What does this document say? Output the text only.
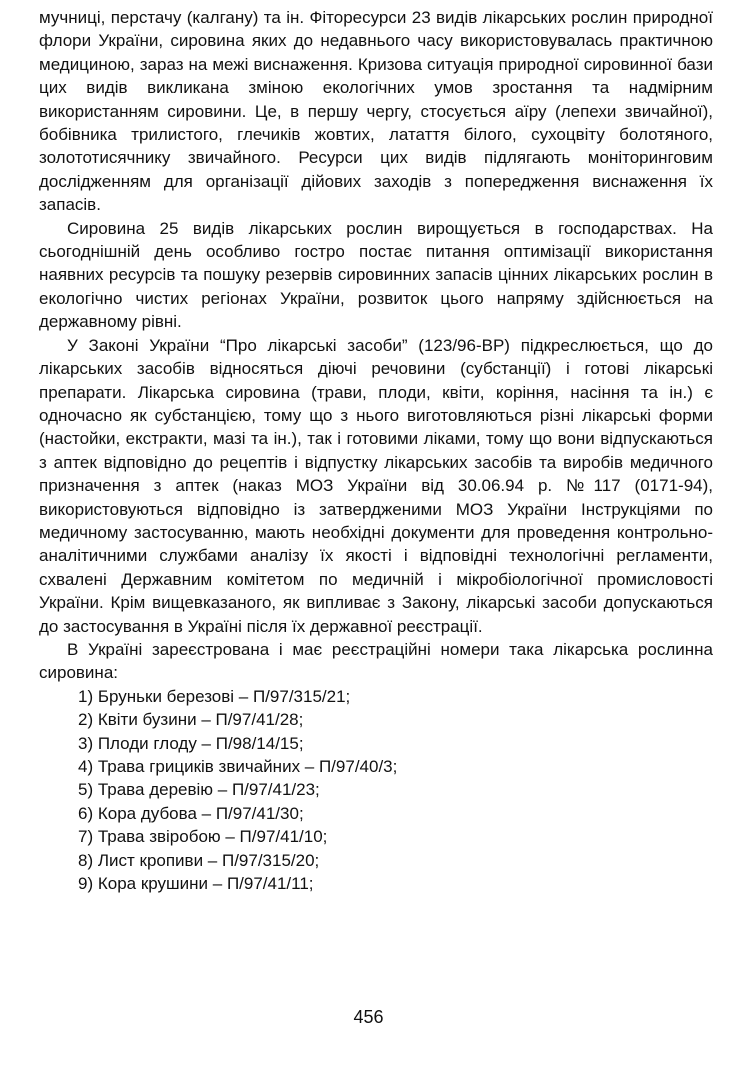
мучниці, перстачу (калгану) та ін. Фіторесурси 23 видів лікарських рослин природної флори України, сировина яких до недавнього часу використовувалась практичною медициною, зараз на межі виснаження. Кризова ситуація природної сировинної бази цих видів викликана зміною екологічних умов зростання та надмірним використанням сировини. Це, в першу чергу, стосується аїру (лепехи звичайної), бобівника трилистого, глечиків жовтих, латаття білого, сухоцвіту болотяного, золототисячнику звичайного. Ресурси цих видів підлягають моніторинговим дослідженням для організації дійових заходів з попередження виснаження їх запасів.

Сировина 25 видів лікарських рослин вирощується в господарствах. На сьогоднішній день особливо гостро постає питання оптимізації використання наявних ресурсів та пошуку резервів сировинних запасів цінних лікарських рослин в екологічно чистих регіонах України, розвиток цього напряму здійснюється на державному рівні.

У Законі України “Про лікарські засоби” (123/96-ВР) підкреслюється, що до лікарських засобів відносяться діючі речовини (субстанції) і готові лікарські препарати. Лікарська сировина (трави, плоди, квіти, коріння, насіння та ін.) є одночасно як субстанцією, тому що з нього виготовляються різні лікарські форми (настойки, екстракти, мазі та ін.), так і готовими ліками, тому що вони відпускаються з аптек відповідно до рецептів і відпустку лікарських засобів та виробів медичного призначення з аптек (наказ МОЗ України від 30.06.94 р. №117 (0171-94), використовуються відповідно із затвердженими МОЗ України Інструкціями по медичному застосуванню, мають необхідні документи для проведення контрольно-аналітичними службами аналізу їх якості і відповідні технологічні регламенти, схвалені Державним комітетом по медичній і мікробіологічної промисловості України. Крім вищевказаного, як випливає з Закону, лікарські засоби допускаються до застосування в Україні після їх державної реєстрації.

В Україні зареєстрована і має реєстраційні номери така лікарська рослинна сировина:

1) Бруньки березові – П/97/315/21;
2) Квіти бузини – П/97/41/28;
3) Плоди глоду – П/98/14/15;
4) Трава грициків звичайних – П/97/40/3;
5) Трава деревію – П/97/41/23;
6) Кора дубова – П/97/41/30;
7) Трава звіробою – П/97/41/10;
8) Лист кропиви – П/97/315/20;
9) Кора крушини – П/97/41/11;
456
